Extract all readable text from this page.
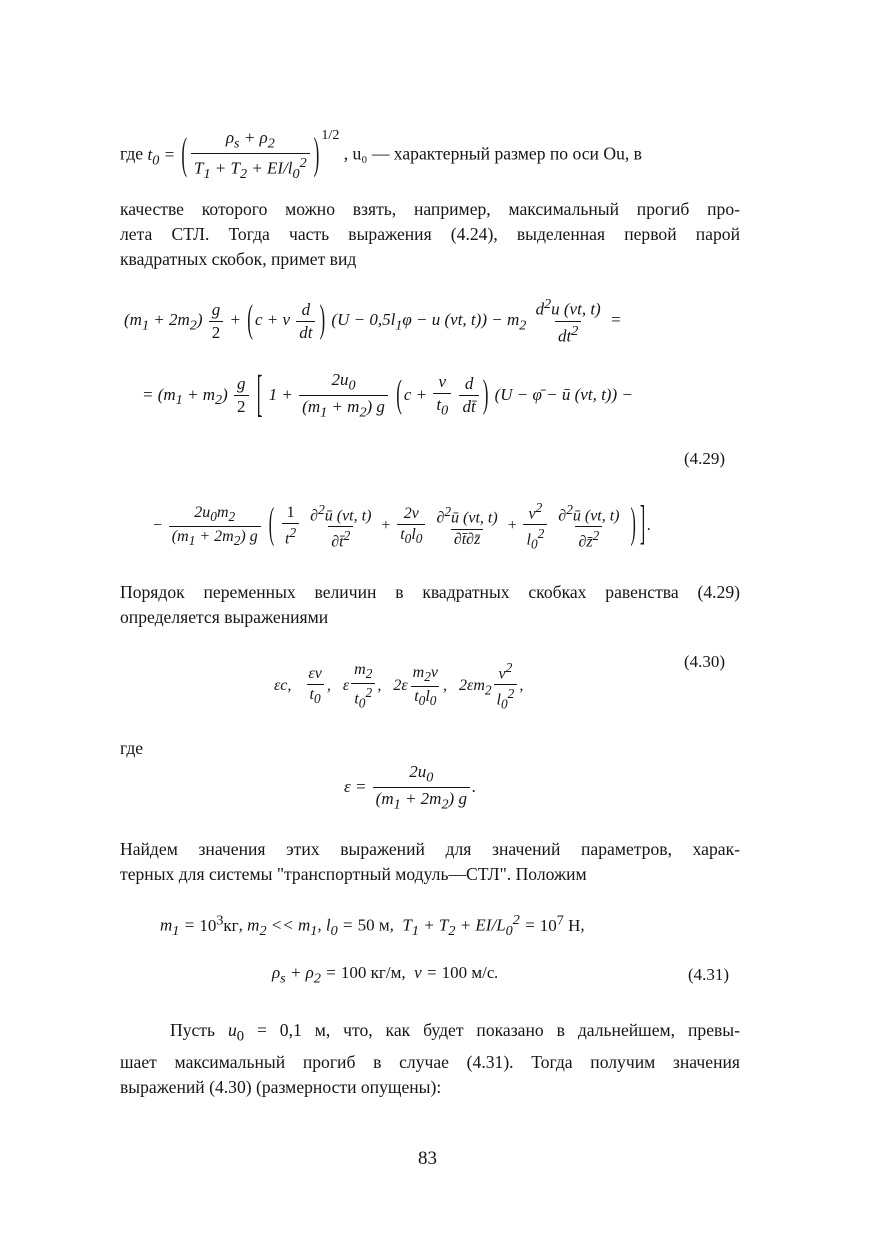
где $t_0$ = ( $\frac{\rho_s + \rho_2}{T_1 + T_2 + EI/l_0^2}$ ) $^{1/2}$ , u₀ — характерный размер по оси Оu, в
качестве которого можно взять, например, максимальный прогиб про-
лета СТЛ. Тогда часть выражения (4.24), выделенная первой парой
квадратных скобок, примет вид
$(m_1 + 2m_2) \frac{g}{2}$ + ( c + v $\frac{d}{dt}$ ) ($U - 0,5l_1\varphi - u$ (vt, $t)) - m_2 \frac{d^2u (vt, t)}{dt^2}$ =
= $(m_1 + m_2) \frac{g}{2}$ [ $1 + \frac{2u_0}{(m_1 + m_2) g}$ ( $c + \frac{v}{t_0}$
$\frac{d}{dt̄}$ ) (U − φ̄ − ū (vt, t)) −
(4.29)
− $\frac{2u_0m_2}{(m_1 + 2m_2) g}$ ( $\frac{1}{t^2}$
$\frac{\partial^2ū (vt, t)}{\partial t̄^2} + \frac{2v}{t_0l_0}$
$\frac{\partial^2ū (vt, t)}{\partial t̄\partial z̄} + \frac{v^2}{l_0^2}$
$\frac{\partial^2ū (vt, t)}{\partial z̄^2}$ ) ] .
Порядок переменных величин в квадратных скобках равенства (4.29)
определяется выражениями
εc, $\frac{\varepsilon v}{t_0}$ ,   ε $\frac{m_2}{t_0^2}$ ,   $2\varepsilon \frac{m_2v}{t_0l_0}$ ,   $2\varepsilon m_2 \frac{v^2}{l_0^2}$ ,
(4.30)
где
$\varepsilon = \frac{2u_0}{(m_1 + 2m_2) g}$ .
Найдем значения этих выражений для значений параметров, харак-
терных для системы "транспортный модуль—СТЛ". Положим
$m_1 = 10^3кг$, $m_2 << m_1$, $l_0 = 50$ м,  $T_1 + T_2 + EI/L_0^2 = 10^7$ Н,
$\rho_s + \rho_2 = 100$ кг/м,  v = 100 м/с.	(4.31)
Пусть $u_0 = 0,1$ м, что, как будет показано в дальнейшем, превы-
шает максимальный прогиб в случае (4.31). Тогда получим значения
выражений (4.30) (размерности опущены):
83
